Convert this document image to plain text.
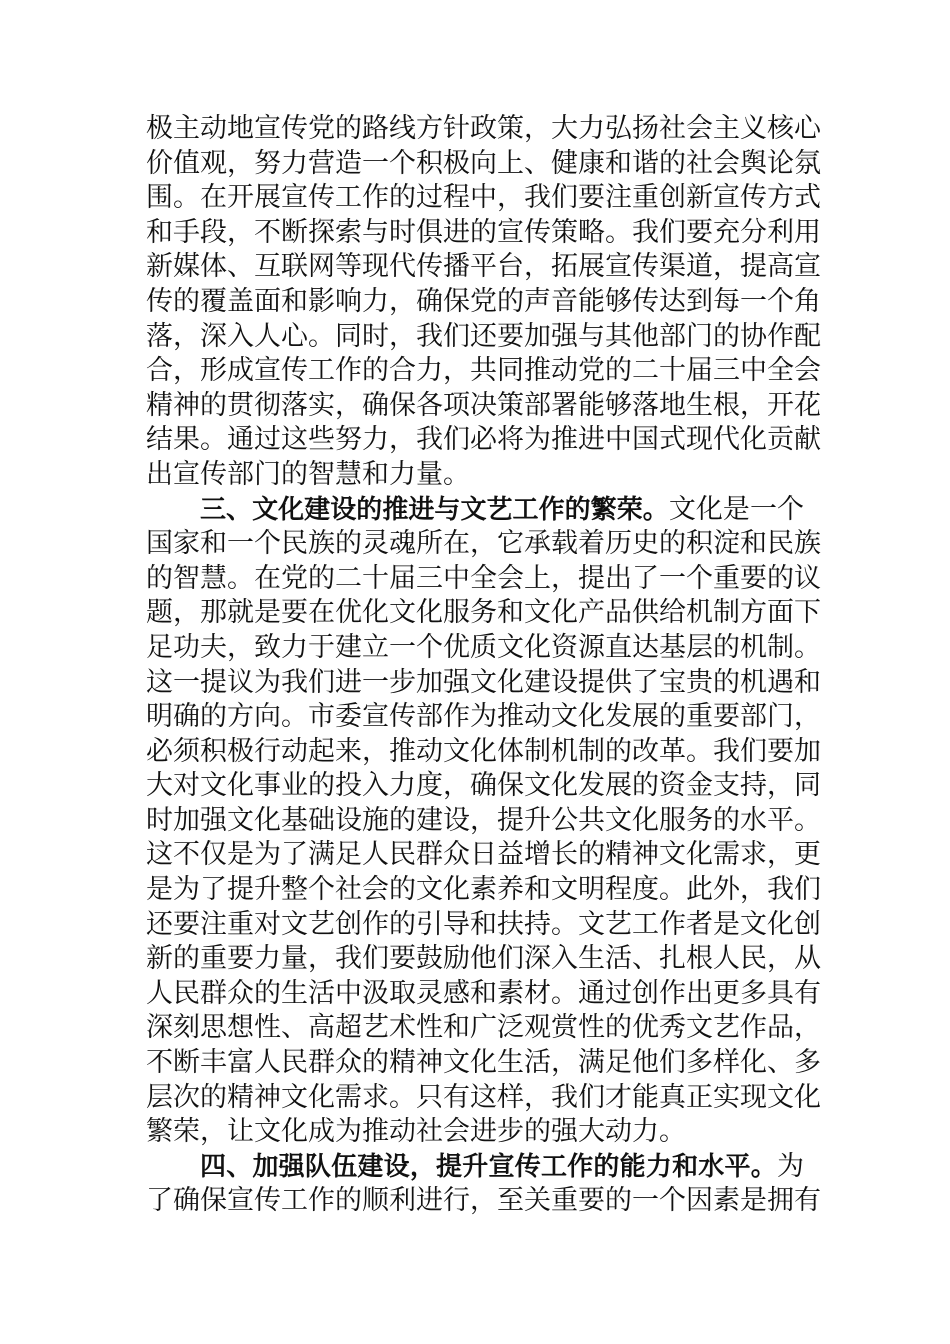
极主动地宣传党的路线方针政策，大力弘扬社会主义核心
价值观，努力营造一个积极向上、健康和谐的社会舆论氛
围。在开展宣传工作的过程中，我们要注重创新宣传方式
和手段，不断探索与时俱进的宣传策略。我们要充分利用
新媒体、互联网等现代传播平台，拓展宣传渠道，提高宣
传的覆盖面和影响力，确保党的声音能够传达到每一个角
落，深入人心。同时，我们还要加强与其他部门的协作配
合，形成宣传工作的合力，共同推动党的二十届三中全会
精神的贯彻落实，确保各项决策部署能够落地生根，开花
结果。通过这些努力，我们必将为推进中国式现代化贡献
出宣传部门的智慧和力量。
三、文化建设的推进与文艺工作的繁荣。文化是一个
国家和一个民族的灵魂所在，它承载着历史的积淀和民族
的智慧。在党的二十届三中全会上，提出了一个重要的议
题，那就是要在优化文化服务和文化产品供给机制方面下
足功夫，致力于建立一个优质文化资源直达基层的机制。
这一提议为我们进一步加强文化建设提供了宝贵的机遇和
明确的方向。市委宣传部作为推动文化发展的重要部门，
必须积极行动起来，推动文化体制机制的改革。我们要加
大对文化事业的投入力度，确保文化发展的资金支持，同
时加强文化基础设施的建设，提升公共文化服务的水平。
这不仅是为了满足人民群众日益增长的精神文化需求，更
是为了提升整个社会的文化素养和文明程度。此外，我们
还要注重对文艺创作的引导和扶持。文艺工作者是文化创
新的重要力量，我们要鼓励他们深入生活、扎根人民，从
人民群众的生活中汲取灵感和素材。通过创作出更多具有
深刻思想性、高超艺术性和广泛观赏性的优秀文艺作品，
不断丰富人民群众的精神文化生活，满足他们多样化、多
层次的精神文化需求。只有这样，我们才能真正实现文化
繁荣，让文化成为推动社会进步的强大动力。
四、加强队伍建设，提升宣传工作的能力和水平。为
了确保宣传工作的顺利进行，至关重要的一个因素是拥有
